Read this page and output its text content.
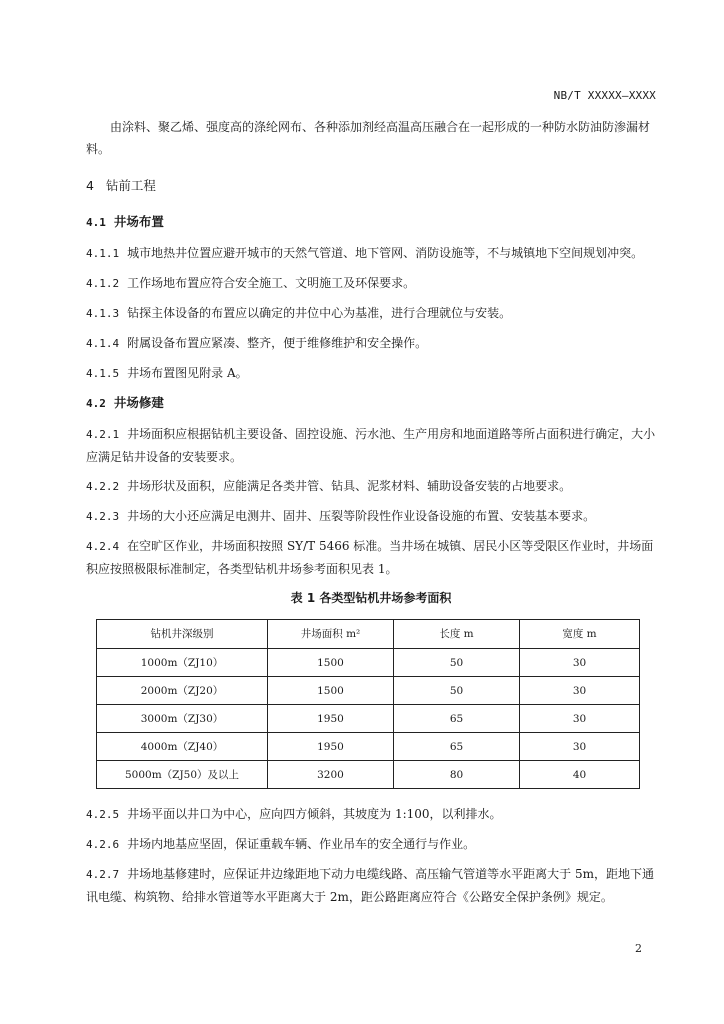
NB/T XXXXX—XXXX

由涂料、聚乙烯、强度高的涤纶网布、各种添加剂经高温高压融合在一起形成的一种防水防油防渗漏材料。

4 钻前工程

4.1 井场布置

4.1.1 城市地热井位置应避开城市的天然气管道、地下管网、消防设施等，不与城镇地下空间规划冲突。

4.1.2 工作场地布置应符合安全施工、文明施工及环保要求。

4.1.3 钻探主体设备的布置应以确定的井位中心为基准，进行合理就位与安装。

4.1.4 附属设备布置应紧凑、整齐，便于维修维护和安全操作。

4.1.5 井场布置图见附录 A。

4.2 井场修建

4.2.1 井场面积应根据钻机主要设备、固控设施、污水池、生产用房和地面道路等所占面积进行确定，大小应满足钻井设备的安装要求。

4.2.2 井场形状及面积，应能满足各类井管、钻具、泥浆材料、辅助设备安装的占地要求。

4.2.3 井场的大小还应满足电测井、固井、压裂等阶段性作业设备设施的布置、安装基本要求。

4.2.4 在空旷区作业，井场面积按照 SY/T 5466 标准。当井场在城镇、居民小区等受限区作业时，井场面积应按照极限标准制定，各类型钻机井场参考面积见表 1。

表 1 各类型钻机井场参考面积

钻机井深级别	井场面积 m²	长度 m	宽度 m
1000m（ZJ10）	1500	50	30
2000m（ZJ20）	1500	50	30
3000m（ZJ30）	1950	65	30
4000m（ZJ40）	1950	65	30
5000m（ZJ50）及以上	3200	80	40

4.2.5 井场平面以井口为中心，应向四方倾斜，其坡度为 1:100，以利排水。

4.2.6 井场内地基应坚固，保证重载车辆、作业吊车的安全通行与作业。

4.2.7 井场地基修建时，应保证井边缘距地下动力电缆线路、高压输气管道等水平距离大于 5m，距地下通讯电缆、构筑物、给排水管道等水平距离大于 2m，距公路距离应符合《公路安全保护条例》规定。

2
